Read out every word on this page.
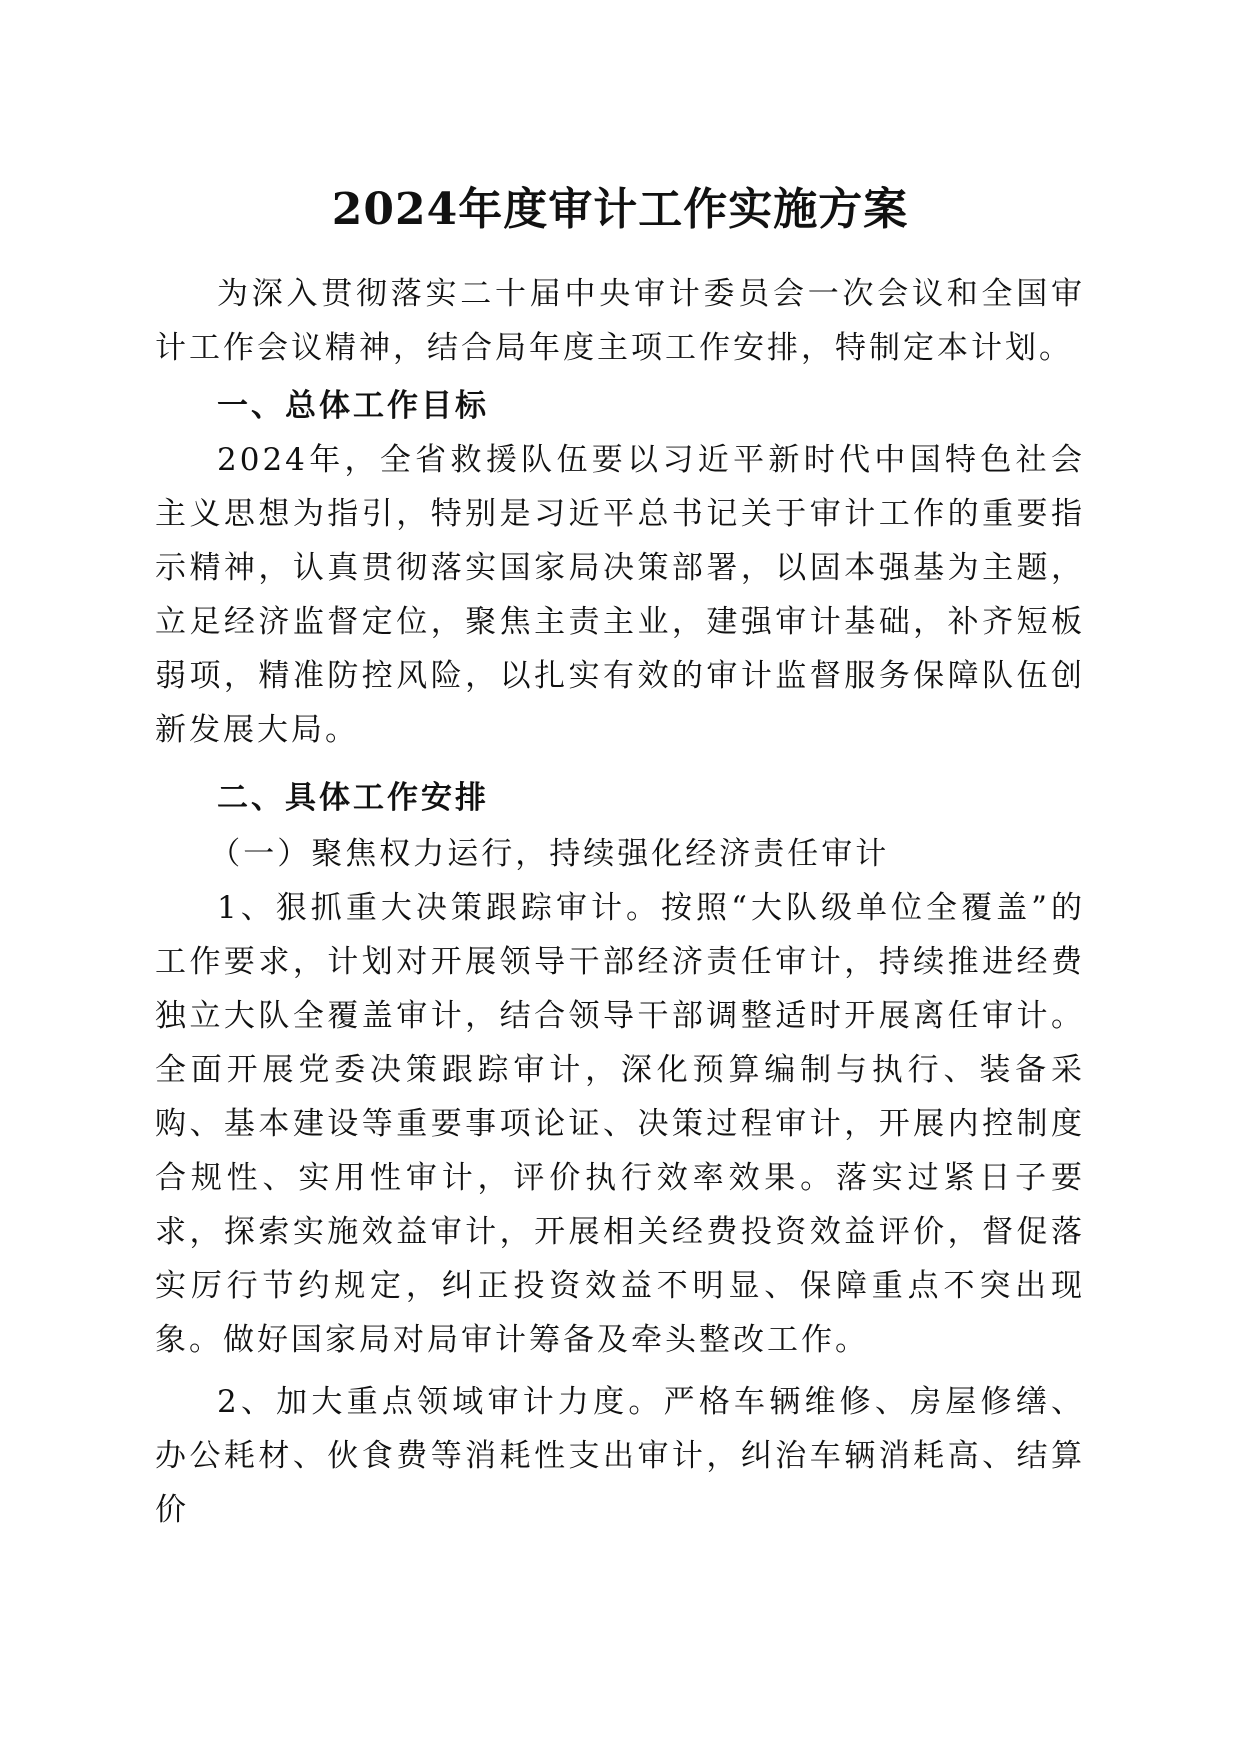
2024年度审计工作实施方案

为深入贯彻落实二十届中央审计委员会一次会议和全国审计工作会议精神，结合局年度主项工作安排，特制定本计划。

一、总体工作目标

2024年，全省救援队伍要以习近平新时代中国特色社会主义思想为指引，特别是习近平总书记关于审计工作的重要指示精神，认真贯彻落实国家局决策部署，以固本强基为主题，立足经济监督定位，聚焦主责主业，建强审计基础，补齐短板弱项，精准防控风险，以扎实有效的审计监督服务保障队伍创新发展大局。

二、具体工作安排

（一）聚焦权力运行，持续强化经济责任审计

1、狠抓重大决策跟踪审计。按照“大队级单位全覆盖”的工作要求，计划对开展领导干部经济责任审计，持续推进经费独立大队全覆盖审计，结合领导干部调整适时开展离任审计。全面开展党委决策跟踪审计，深化预算编制与执行、装备采购、基本建设等重要事项论证、决策过程审计，开展内控制度合规性、实用性审计，评价执行效率效果。落实过紧日子要求，探索实施效益审计，开展相关经费投资效益评价，督促落实厉行节约规定，纠正投资效益不明显、保障重点不突出现象。做好国家局对局审计筹备及牵头整改工作。

2、加大重点领域审计力度。严格车辆维修、房屋修缮、办公耗材、伙食费等消耗性支出审计，纠治车辆消耗高、结算价
